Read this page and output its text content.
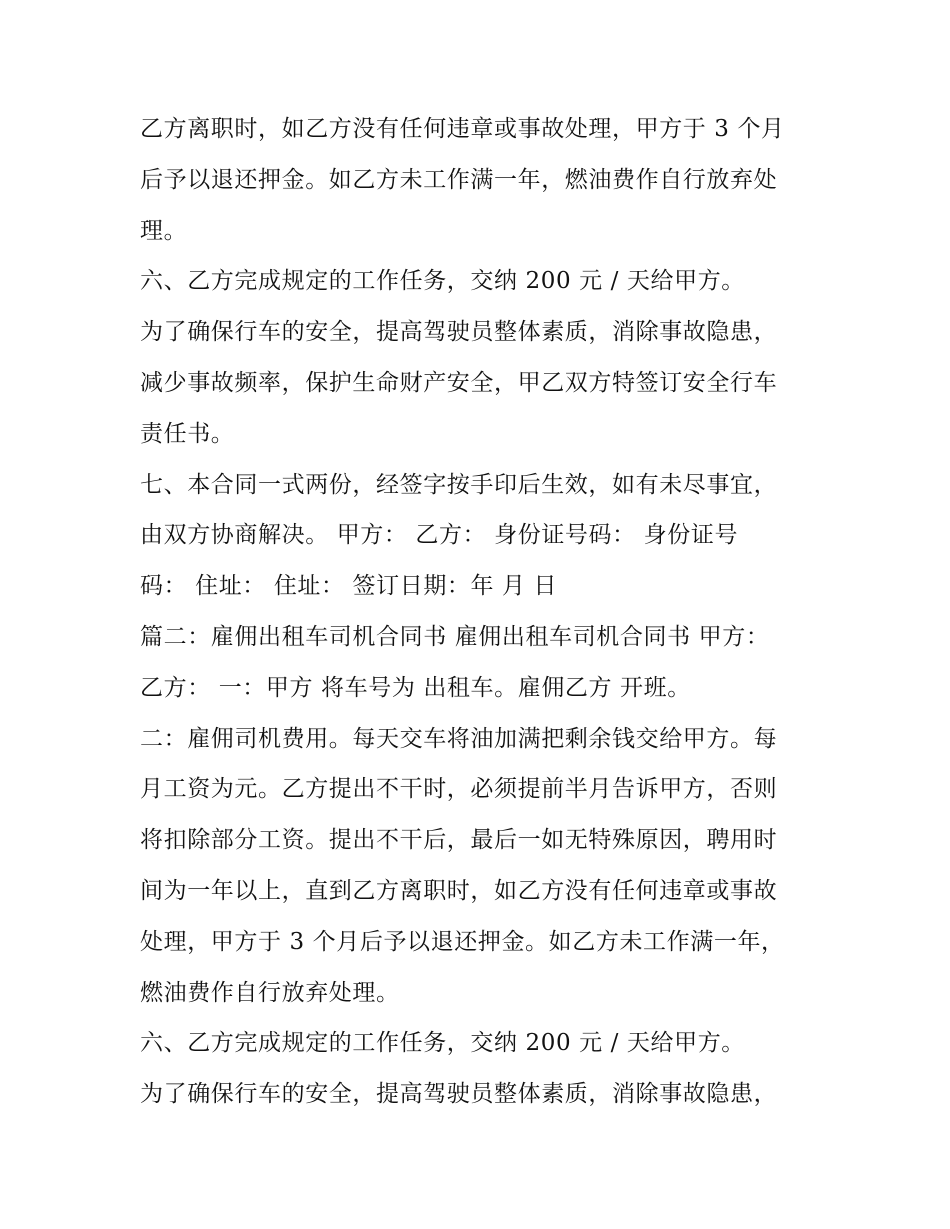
乙方离职时，如乙方没有任何违章或事故处理，甲方于 3 个月
后予以退还押金。如乙方未工作满一年，燃油费作自行放弃处
理。
六、乙方完成规定的工作任务，交纳 200 元 / 天给甲方。
为了确保行车的安全，提高驾驶员整体素质，消除事故隐患，
减少事故频率，保护生命财产安全，甲乙双方特签订安全行车
责任书。
七、本合同一式两份，经签字按手印后生效，如有未尽事宜，
由双方协商解决。 甲方： 乙方： 身份证号码： 身份证号
码： 住址： 住址： 签订日期：年 月 日
篇二：雇佣出租车司机合同书 雇佣出租车司机合同书 甲方：
乙方： 一：甲方 将车号为 出租车。雇佣乙方 开班。
二：雇佣司机费用。每天交车将油加满把剩余钱交给甲方。每
月工资为元。乙方提出不干时，必须提前半月告诉甲方，否则
将扣除部分工资。提出不干后，最后一如无特殊原因，聘用时
间为一年以上，直到乙方离职时，如乙方没有任何违章或事故
处理，甲方于 3 个月后予以退还押金。如乙方未工作满一年，
燃油费作自行放弃处理。
六、乙方完成规定的工作任务，交纳 200 元 / 天给甲方。
为了确保行车的安全，提高驾驶员整体素质，消除事故隐患，
